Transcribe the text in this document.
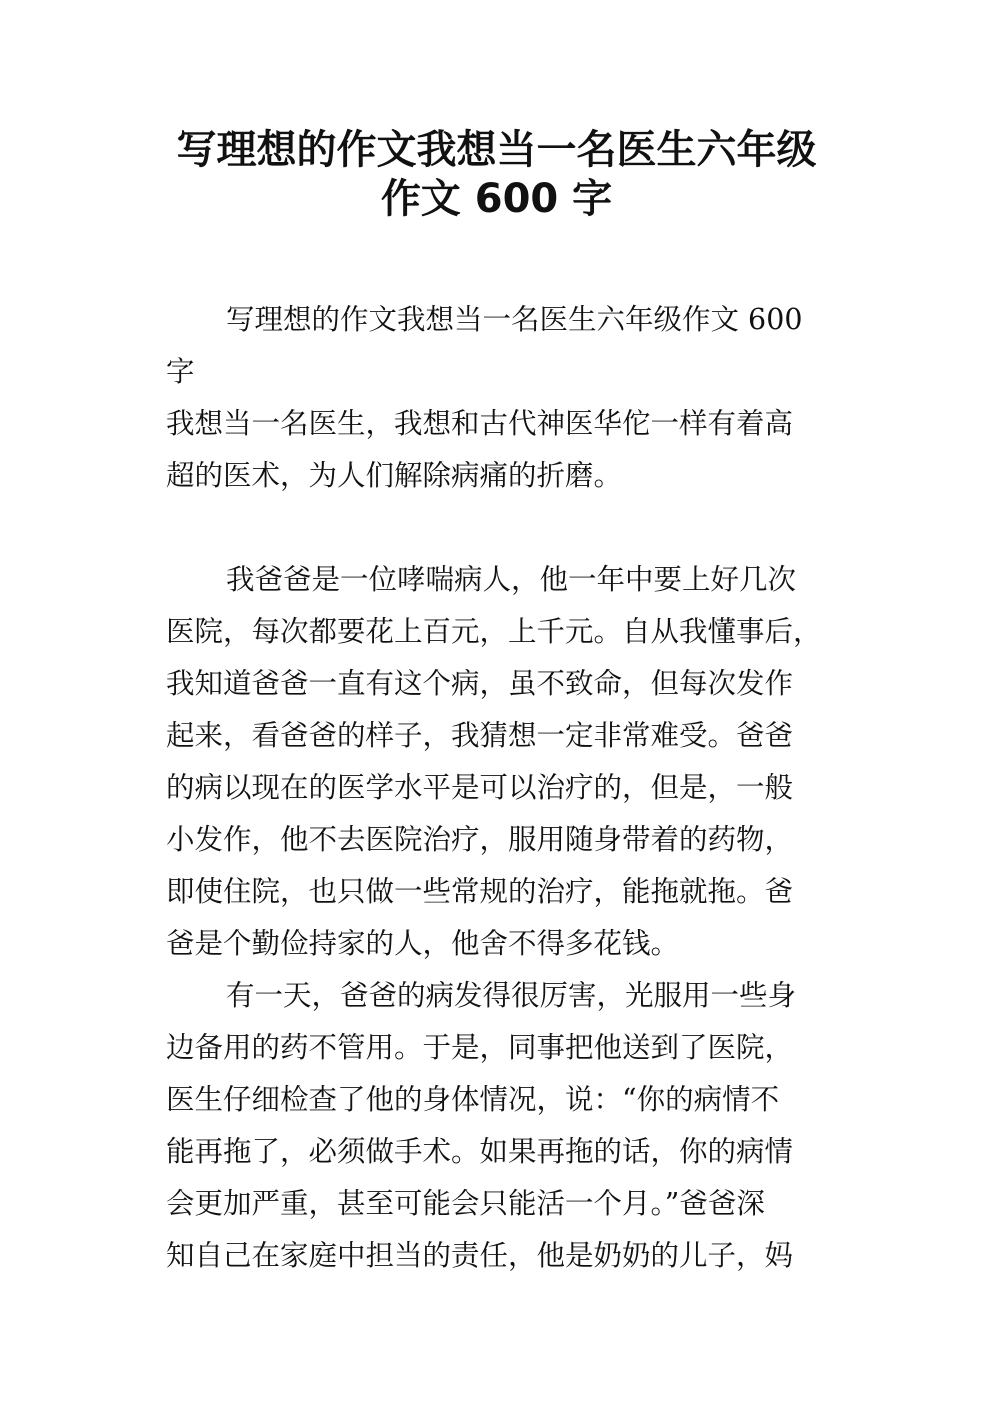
写理想的作文我想当一名医生六年级
作文 600 字
写理想的作文我想当一名医生六年级作文 600
字
我想当一名医生，我想和古代神医华佗一样有着高
超的医术，为人们解除病痛的折磨。
我爸爸是一位哮喘病人，他一年中要上好几次
医院，每次都要花上百元，上千元。自从我懂事后，
我知道爸爸一直有这个病，虽不致命，但每次发作
起来，看爸爸的样子，我猜想一定非常难受。爸爸
的病以现在的医学水平是可以治疗的，但是，一般
小发作，他不去医院治疗，服用随身带着的药物，
即使住院，也只做一些常规的治疗，能拖就拖。爸
爸是个勤俭持家的人，他舍不得多花钱。
有一天，爸爸的病发得很厉害，光服用一些身
边备用的药不管用。于是，同事把他送到了医院，
医生仔细检查了他的身体情况，说：“你的病情不
能再拖了，必须做手术。如果再拖的话，你的病情
会更加严重，甚至可能会只能活一个月。”爸爸深
知自己在家庭中担当的责任，他是奶奶的儿子，妈
